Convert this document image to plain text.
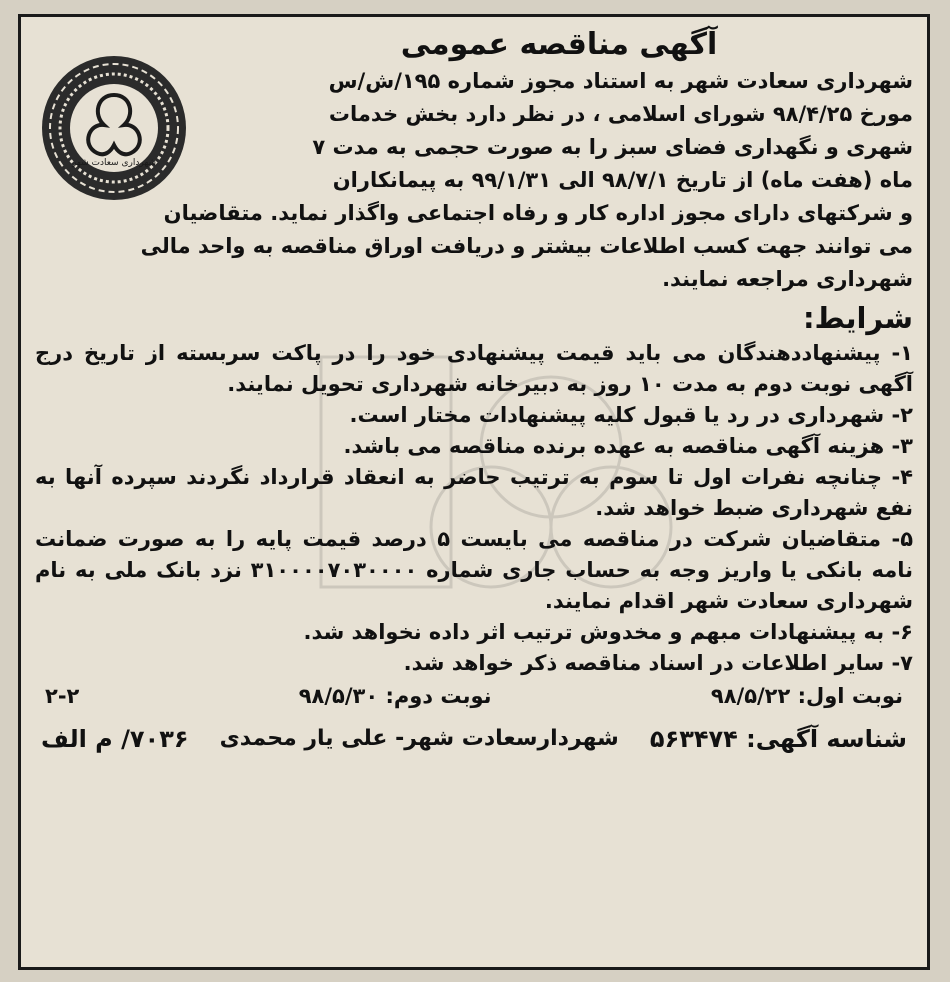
شهرداری سعادت شهر
آگهی مناقصه عمومی
شهرداری سعادت شهر به استناد مجوز شماره ۱۹۵/ش/س
مورخ ۹۸/۴/۲۵ شورای اسلامی ، در نظر دارد بخش خدمات
شهری و نگهداری فضای سبز را به صورت حجمی به مدت ۷
ماه (هفت ماه) از تاریخ ۹۸/۷/۱ الی ۹۹/۱/۳۱ به پیمانکاران
و شرکتهای دارای مجوز اداره کار و رفاه اجتماعی واگذار نماید. متقاضیان
می توانند جهت کسب اطلاعات بیشتر و دریافت اوراق مناقصه به واحد مالی
شهرداری مراجعه نمایند.
شرایط:

۱- پیشنهاددهندگان می باید قیمت پیشنهادی خود را در پاکت سربسته از تاریخ درج آگهی نوبت دوم به مدت ۱۰ روز به دبیرخانه شهرداری تحویل نمایند.

۲- شهرداری در رد یا قبول کلیه پیشنهادات مختار است.

۳- هزینه آگهی مناقصه به عهده برنده مناقصه می باشد.

۴- چنانچه نفرات اول تا سوم به ترتیب حاضر به انعقاد قرارداد نگردند سپرده آنها به نفع شهرداری ضبط خواهد شد.

۵- متقاضیان شرکت در مناقصه می بایست ۵ درصد قیمت پایه را به صورت ضمانت نامه بانکی یا واریز وجه به حساب جاری شماره ۳۱۰۰۰۰۷۰۳۰۰۰۰ نزد بانک ملی به نام شهرداری سعادت شهر اقدام نمایند.

۶- به پیشنهادات مبهم و مخدوش ترتیب اثر داده نخواهد شد.

۷- سایر اطلاعات در اسناد مناقصه ذکر خواهد شد.

نوبت اول: ۹۸/۵/۲۲
نوبت دوم: ۹۸/۵/۳۰
۲-۲
شناسه آگهی: ۵۶۳۴۷۴
شهردارسعادت شهر- علی یار محمدی
۷۰۳۶/ م الف
